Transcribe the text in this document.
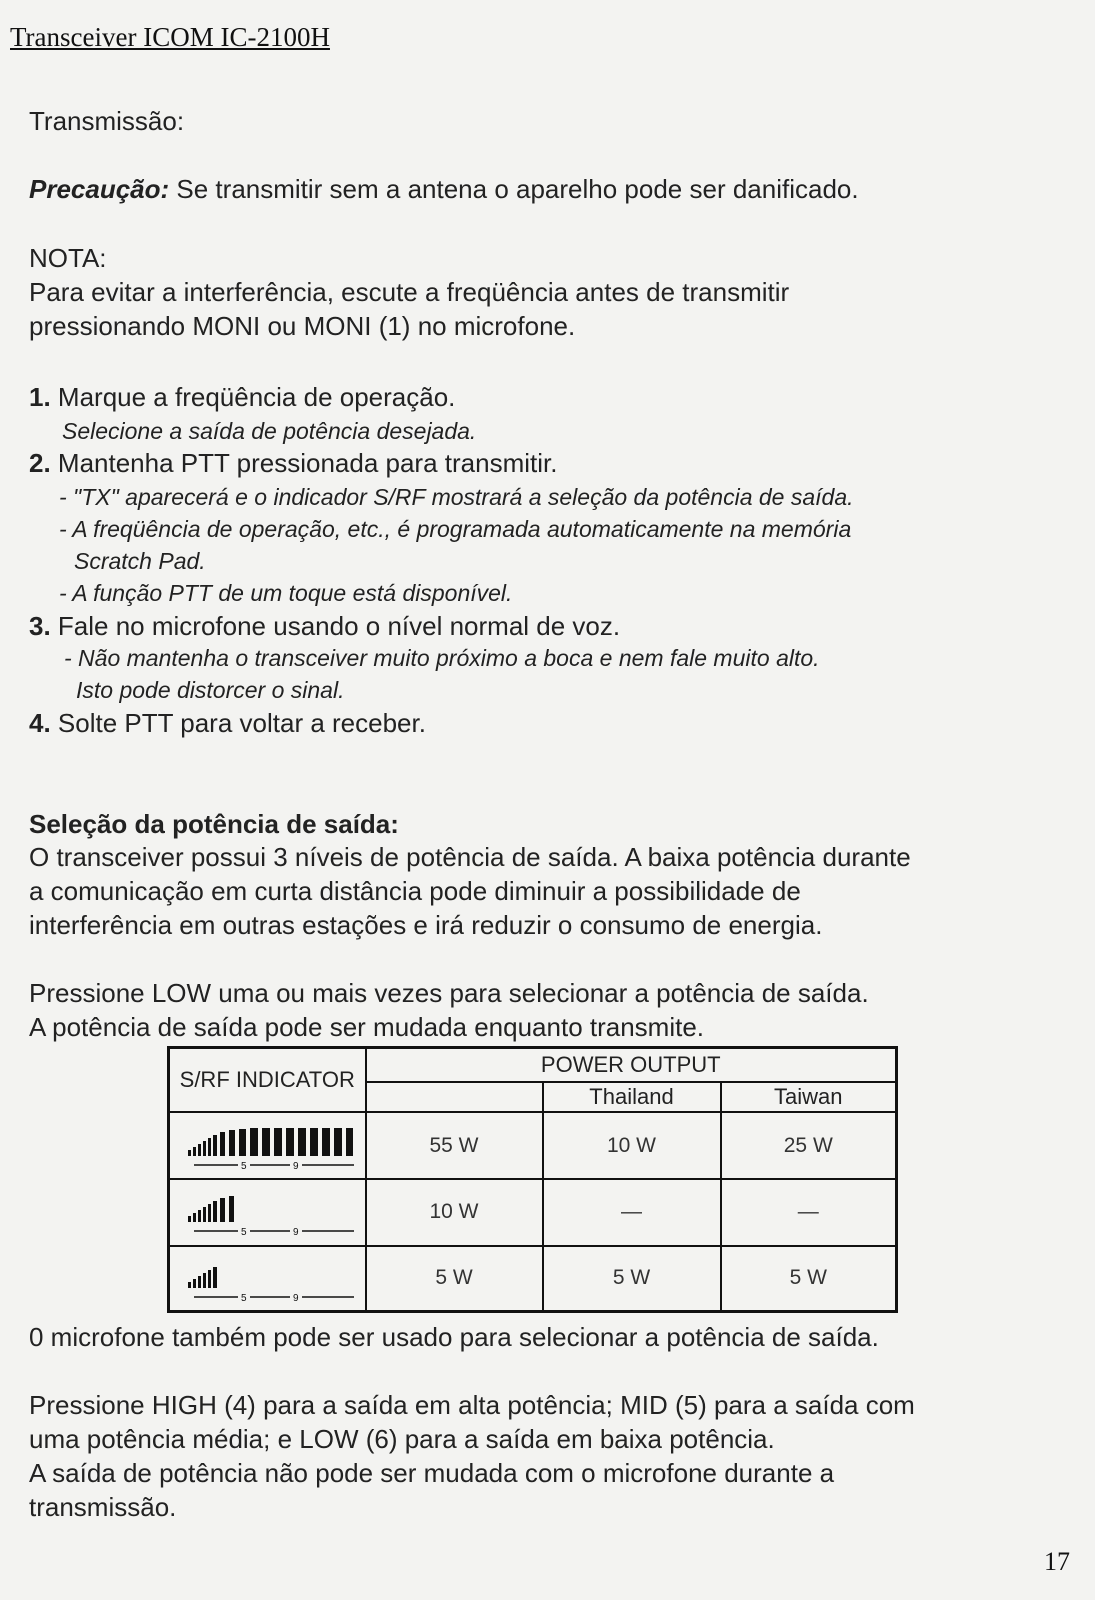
Transceiver ICOM IC-2100H
Transmissão:
Precaução: Se transmitir sem a antena o aparelho pode ser danificado.
NOTA:
Para evitar a interferência, escute a freqüência antes de transmitir
pressionando MONI ou MONI (1) no microfone.
1. Marque a freqüência de operação.
Selecione a saída de potência desejada.
2. Mantenha PTT pressionada para transmitir.
- "TX" aparecerá e o indicador S/RF mostrará a seleção da potência de saída.
- A freqüência de operação, etc., é programada automaticamente na memória
Scratch Pad.
- A função PTT de um toque está disponível.
3. Fale no microfone usando o nível normal de voz.
- Não mantenha o transceiver muito próximo a boca e nem fale muito alto.
Isto pode distorcer o sinal.
4. Solte PTT para voltar a receber.
Seleção da potência de saída:
O transceiver possui 3 níveis de potência de saída. A baixa potência durante
a comunicação em curta distância pode diminuir a possibilidade de
interferência em outras estações e irá reduzir o consumo de energia.
Pressione LOW uma ou mais vezes para selecionar a potência de saída.
A potência de saída pode ser mudada enquanto transmite.
S/RF INDICATOR	POWER OUTPUT		
		Thailand	Taiwan

5 9	55 W	10 W	25 W

5 9	10 W	—	—

5 9	5 W	5 W	5 W
0 microfone também pode ser usado para selecionar a potência de saída.
Pressione HIGH (4) para a saída em alta potência; MID (5) para a saída com
uma potência média; e LOW (6) para a saída em baixa potência.
A saída de potência não pode ser mudada com o microfone durante a
transmissão.
17
